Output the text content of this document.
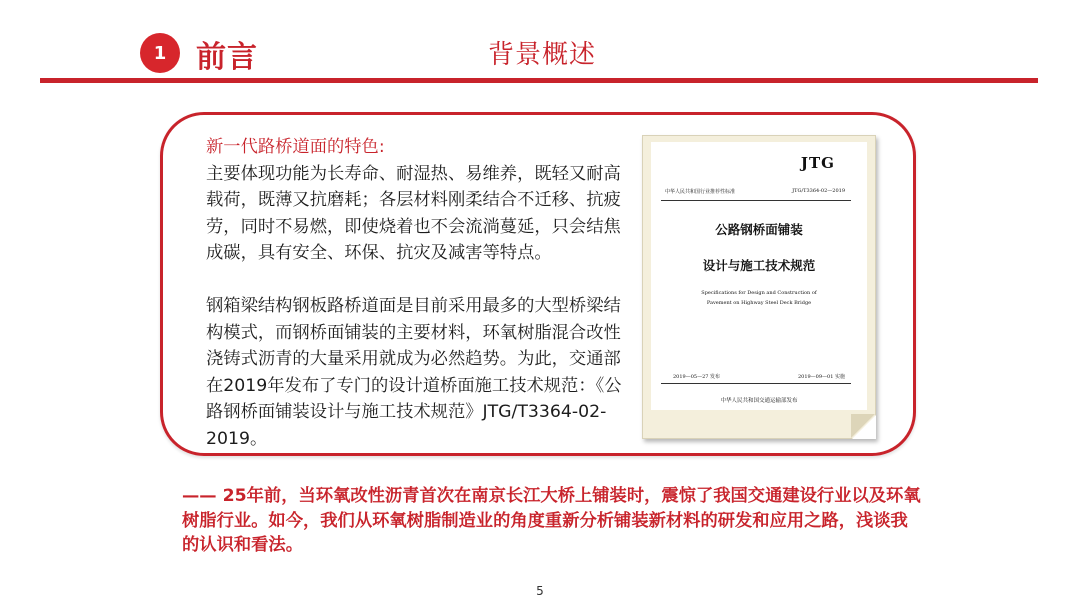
1 前言	背景概述

新一代路桥道面的特色:

主要体现功能为长寿命、耐湿热、易维养，既轻又耐高载荷，既薄又抗磨耗；各层材料刚柔结合不迁移、抗疲劳，同时不易燃，即使烧着也不会流淌蔓延，只会结焦成碳，具有安全、环保、抗灾及减害等特点。

钢箱梁结构钢板路桥道面是目前采用最多的大型桥梁结构模式，而钢桥面铺装的主要材料，环氧树脂混合改性浇铸式沥青的大量采用就成为必然趋势。为此，交通部在2019年发布了专门的设计道桥面施工技术规范：《公路钢桥面铺装设计与施工技术规范》JTG/T3364-02-2019。

JTG
中华人民共和国行业推荐性标准	JTG/T3364-02—2019
公路钢桥面铺装
设计与施工技术规范
Specifications for Design and Construction of
Pavement on Highway Steel Deck Bridge
2019—05—27 发布	2019—09—01 实施
中华人民共和国交通运输部发布

—— 25年前，当环氧改性沥青首次在南京长江大桥上铺装时，震惊了我国交通建设行业以及环氧树脂行业。如今，我们从环氧树脂制造业的角度重新分析铺装新材料的研发和应用之路，浅谈我的认识和看法。

5
